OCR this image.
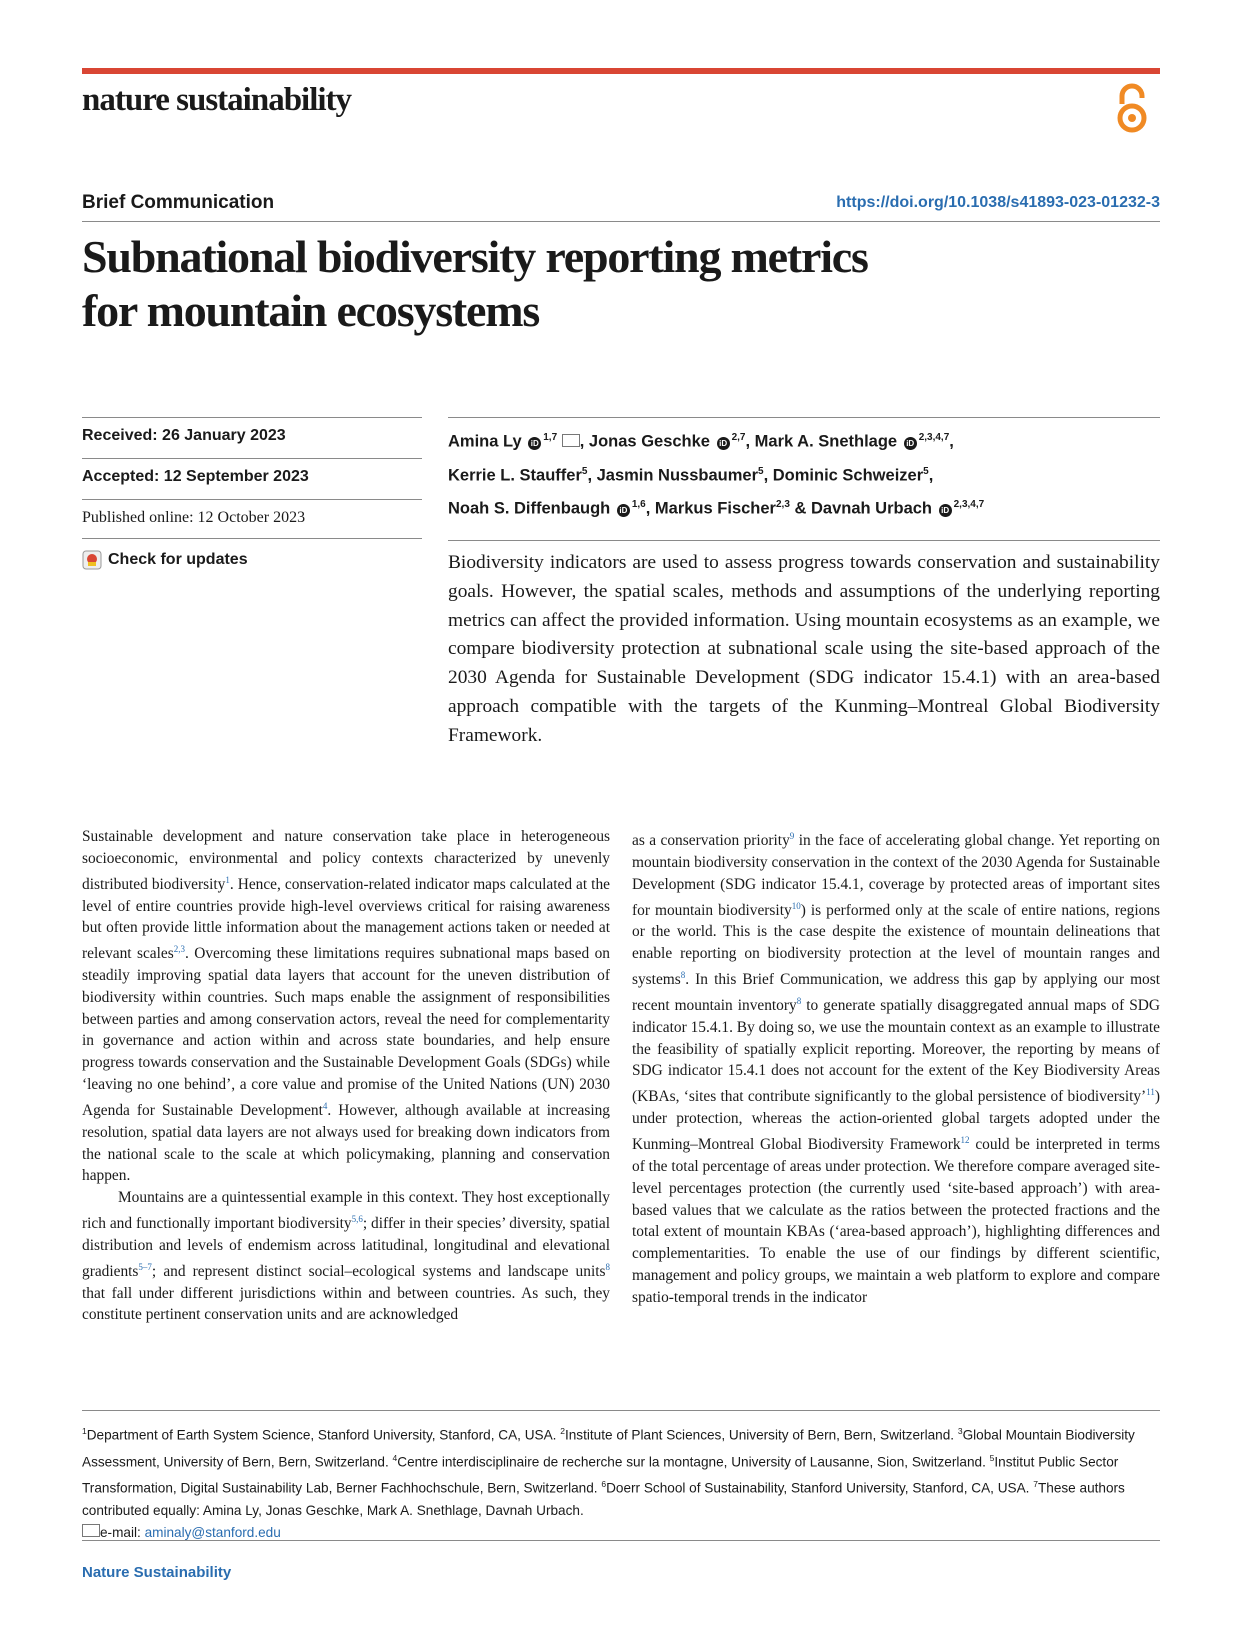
nature sustainability
Brief Communication	https://doi.org/10.1038/s41893-023-01232-3
Subnational biodiversity reporting metrics
for mountain ecosystems
Received: 26 January 2023
Accepted: 12 September 2023
Published online: 12 October 2023
Check for updates
Amina Ly iD $^{1,7}$ , Jonas Geschke iD $^{2,7}$, Mark A. Snethlage iD $^{2,3,4,7}$,
Kerrie L. Stauffer$^5$, Jasmin Nussbaumer$^5$, Dominic Schweizer$^5$,
Noah S. Diffenbaugh iD $^{1,6}$, Markus Fischer$^{2,3}$ & Davnah Urbach iD $^{2,3,4,7}$
Biodiversity indicators are used to assess progress towards conservation and sustainability goals. However, the spatial scales, methods and assumptions of the underlying reporting metrics can affect the provided information. Using mountain ecosystems as an example, we compare biodiversity protection at subnational scale using the site-based approach of the 2030 Agenda for Sustainable Development (SDG indicator 15.4.1) with an area-based approach compatible with the targets of the Kunming–Montreal Global Biodiversity Framework.

Sustainable development and nature conservation take place in heterogeneous socioeconomic, environmental and policy contexts characterized by unevenly distributed biodiversity$^1$. Hence, conservation-related indicator maps calculated at the level of entire countries provide high-level overviews critical for raising awareness but often provide little information about the management actions taken or needed at relevant scales$^{2,3}$. Overcoming these limitations requires subnational maps based on steadily improving spatial data layers that account for the uneven distribution of biodiversity within countries. Such maps enable the assignment of responsibilities between parties and among conservation actors, reveal the need for complementarity in governance and action within and across state boundaries, and help ensure progress towards conservation and the Sustainable Development Goals (SDGs) while ‘leaving no one behind’, a core value and promise of the United Nations (UN) 2030 Agenda for Sustainable Development$^4$. However, although available at increasing resolution, spatial data layers are not always used for breaking down indicators from the national scale to the scale at which policymaking, planning and conservation happen.

Mountains are a quintessential example in this context. They host exceptionally rich and functionally important biodiversity$^{5,6}$; differ in their species’ diversity, spatial distribution and levels of endemism across latitudinal, longitudinal and elevational gradients$^{5-7}$; and represent distinct social–ecological systems and landscape units$^8$ that fall under different jurisdictions within and between countries. As such, they constitute pertinent conservation units and are acknowledged

as a conservation priority$^9$ in the face of accelerating global change. Yet reporting on mountain biodiversity conservation in the context of the 2030 Agenda for Sustainable Development (SDG indicator 15.4.1, coverage by protected areas of important sites for mountain biodiversity$^{10}$) is performed only at the scale of entire nations, regions or the world. This is the case despite the existence of mountain delineations that enable reporting on biodiversity protection at the level of mountain ranges and systems$^8$. In this Brief Communication, we address this gap by applying our most recent mountain inventory$^8$ to generate spatially disaggregated annual maps of SDG indicator 15.4.1. By doing so, we use the mountain context as an example to illustrate the feasibility of spatially explicit reporting. Moreover, the reporting by means of SDG indicator 15.4.1 does not account for the extent of the Key Biodiversity Areas (KBAs, ‘sites that contribute significantly to the global persistence of biodiversity’$^{11}$) under protection, whereas the action-oriented global targets adopted under the Kunming–Montreal Global Biodiversity Framework$^{12}$ could be interpreted in terms of the total percentage of areas under protection. We therefore compare averaged site-level percentages protection (the currently used ‘site-based approach’) with area-based values that we calculate as the ratios between the protected fractions and the total extent of mountain KBAs (‘area-based approach’), highlighting differences and complementarities. To enable the use of our findings by different scientific, management and policy groups, we maintain a web platform to explore and compare spatio-temporal trends in the indicator

$^1$Department of Earth System Science, Stanford University, Stanford, CA, USA. $^2$Institute of Plant Sciences, University of Bern, Bern, Switzerland. $^3$Global Mountain Biodiversity Assessment, University of Bern, Bern, Switzerland. $^4$Centre interdisciplinaire de recherche sur la montagne, University of Lausanne, Sion, Switzerland. $^5$Institut Public Sector Transformation, Digital Sustainability Lab, Berner Fachhochschule, Bern, Switzerland. $^6$Doerr School of Sustainability, Stanford University, Stanford, CA, USA. $^7$These authors contributed equally: Amina Ly, Jonas Geschke, Mark A. Snethlage, Davnah Urbach.
e-mail: aminaly@stanford.edu
Nature Sustainability
